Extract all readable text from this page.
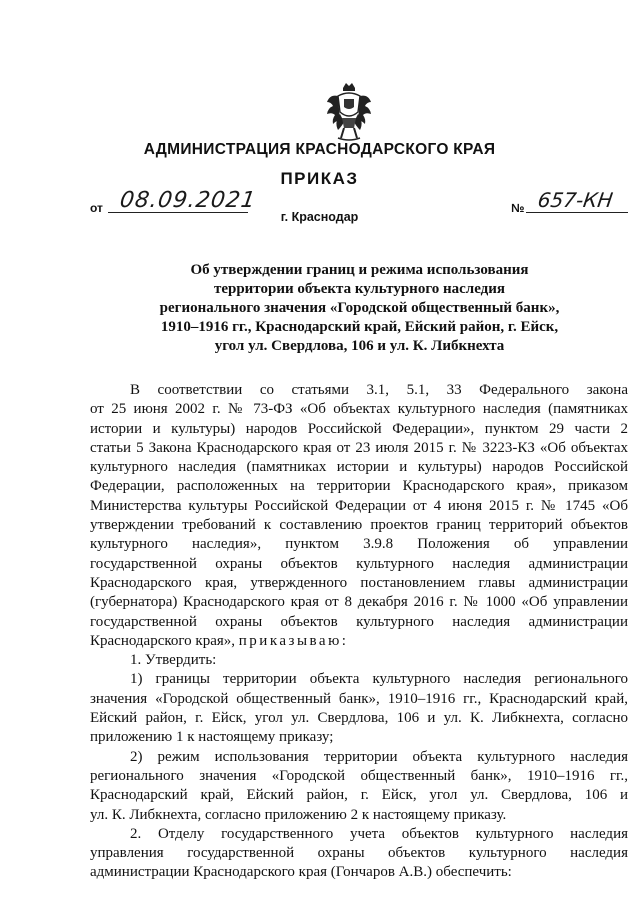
АДМИНИСТРАЦИЯ КРАСНОДАРСКОГО КРАЯ
ПРИКАЗ
от 08.09.2021	№ 657-КН
г. Краснодар
Об утверждении границ и режима использования
территории объекта культурного наследия
регионального значения «Городской общественный банк»,
1910–1916 гг., Краснодарский край, Ейский район, г. Ейск,
угол ул. Свердлова, 106 и ул. К. Либкнехта
В соответствии со статьями 3.1, 5.1, 33 Федерального закона
от 25 июня 2002 г. № 73-ФЗ «Об объектах культурного наследия (памятниках
истории и культуры) народов Российской Федерации», пунктом 29 части 2
статьи 5 Закона Краснодарского края от 23 июля 2015 г. № 3223-КЗ «Об объектах
культурного наследия (памятниках истории и культуры) народов Российской
Федерации, расположенных на территории Краснодарского края», приказом
Министерства культуры Российской Федерации от 4 июня 2015 г. № 1745 «Об
утверждении требований к составлению проектов границ территорий объектов
культурного наследия», пунктом 3.9.8 Положения об управлении
государственной охраны объектов культурного наследия администрации
Краснодарского края, утвержденного постановлением главы администрации
(губернатора) Краснодарского края от 8 декабря 2016 г. № 1000 «Об управлении
государственной охраны объектов культурного наследия администрации
Краснодарского края», приказываю:
1. Утвердить:
1) границы территории объекта культурного наследия регионального
значения «Городской общественный банк», 1910–1916 гг., Краснодарский край,
Ейский район, г. Ейск, угол ул. Свердлова, 106 и ул. К. Либкнехта, согласно
приложению 1 к настоящему приказу;
2) режим использования территории объекта культурного наследия
регионального значения «Городской общественный банк», 1910–1916 гг.,
Краснодарский край, Ейский район, г. Ейск, угол ул. Свердлова, 106 и
ул. К. Либкнехта, согласно приложению 2 к настоящему приказу.
2. Отделу государственного учета объектов культурного наследия
управления государственной охраны объектов культурного наследия
администрации Краснодарского края (Гончаров А.В.) обеспечить:
